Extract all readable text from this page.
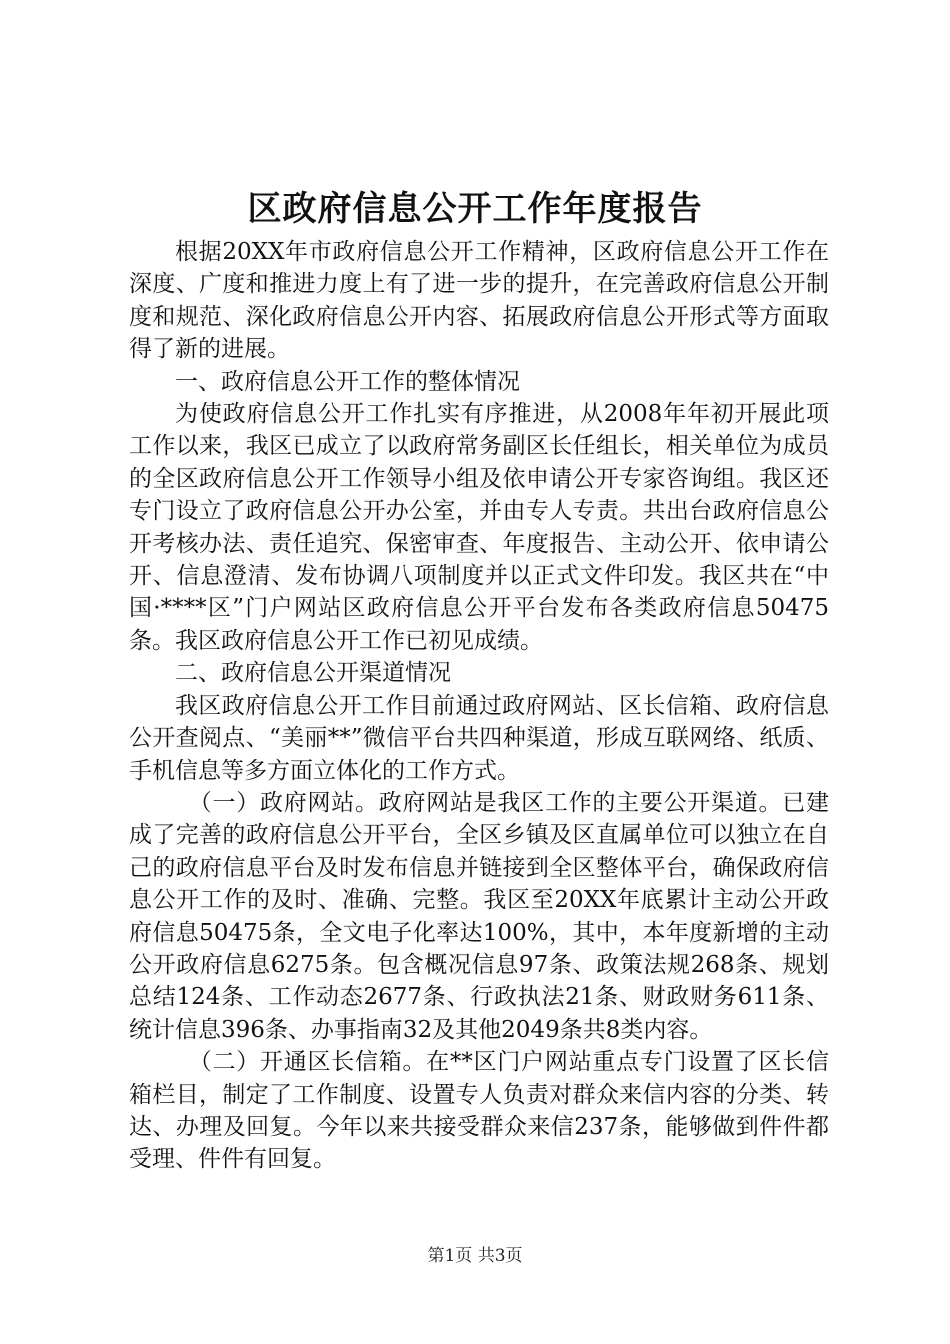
区政府信息公开工作年度报告

根据20XX年市政府信息公开工作精神，区政府信息公开工作在深度、广度和推进力度上有了进一步的提升，在完善政府信息公开制度和规范、深化政府信息公开内容、拓展政府信息公开形式等方面取得了新的进展。

一、政府信息公开工作的整体情况

为使政府信息公开工作扎实有序推进，从2008年年初开展此项工作以来，我区已成立了以政府常务副区长任组长，相关单位为成员的全区政府信息公开工作领导小组及依申请公开专家咨询组。我区还专门设立了政府信息公开办公室，并由专人专责。共出台政府信息公开考核办法、责任追究、保密审查、年度报告、主动公开、依申请公开、信息澄清、发布协调八项制度并以正式文件印发。我区共在“中国·****区”门户网站区政府信息公开平台发布各类政府信息50475条。我区政府信息公开工作已初见成绩。

二、政府信息公开渠道情况

我区政府信息公开工作目前通过政府网站、区长信箱、政府信息公开查阅点、“美丽**”微信平台共四种渠道，形成互联网络、纸质、手机信息等多方面立体化的工作方式。

（一）政府网站。政府网站是我区工作的主要公开渠道。已建成了完善的政府信息公开平台，全区乡镇及区直属单位可以独立在自己的政府信息平台及时发布信息并链接到全区整体平台，确保政府信息公开工作的及时、准确、完整。我区至20XX年底累计主动公开政府信息50475条，全文电子化率达100%，其中，本年度新增的主动公开政府信息6275条。包含概况信息97条、政策法规268条、规划总结124条、工作动态2677条、行政执法21条、财政财务611条、统计信息396条、办事指南32及其他2049条共8类内容。

（二）开通区长信箱。在**区门户网站重点专门设置了区长信箱栏目，制定了工作制度、设置专人负责对群众来信内容的分类、转达、办理及回复。今年以来共接受群众来信237条，能够做到件件都受理、件件有回复。

第1页 共3页
